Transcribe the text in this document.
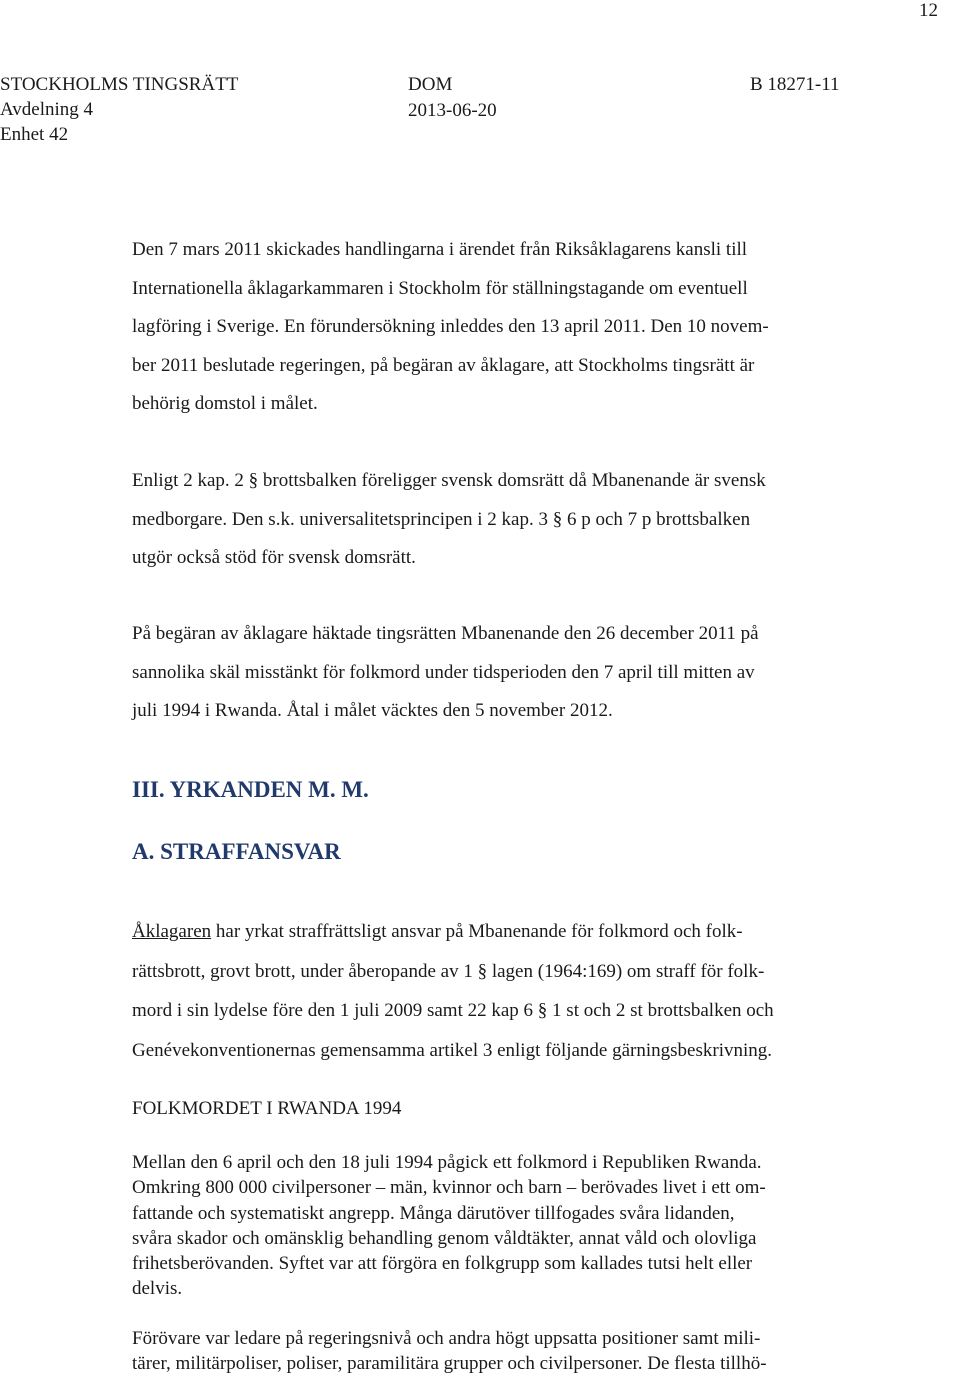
12
STOCKHOLMS TINGSRÄTT
Avdelning 4
Enhet 42
DOM
2013-06-20
B 18271-11
Den 7 mars 2011 skickades handlingarna i ärendet från Riksåklagarens kansli till
Internationella åklagarkammaren i Stockholm för ställningstagande om eventuell
lagföring i Sverige. En förundersökning inleddes den 13 april 2011. Den 10 novem-
ber 2011 beslutade regeringen, på begäran av åklagare, att Stockholms tingsrätt är
behörig domstol i målet.
Enligt 2 kap. 2 § brottsbalken föreligger svensk domsrätt då Mbanenande är svensk
medborgare. Den s.k. universalitetsprincipen i 2 kap. 3 § 6 p och 7 p brottsbalken
utgör också stöd för svensk domsrätt.
På begäran av åklagare häktade tingsrätten Mbanenande den 26 december 2011 på
sannolika skäl misstänkt för folkmord under tidsperioden den 7 april till mitten av
juli 1994 i Rwanda. Åtal i målet väcktes den 5 november 2012.
III. YRKANDEN M. M.
A. STRAFFANSVAR
Åklagaren har yrkat straffrättsligt ansvar på Mbanenande för folkmord och folk-
rättsbrott, grovt brott, under åberopande av 1 § lagen (1964:169) om straff för folk-
mord i sin lydelse före den 1 juli 2009 samt 22 kap 6 § 1 st och 2 st brottsbalken och
Genévekonventionernas gemensamma artikel 3 enligt följande gärningsbeskrivning.
FOLKMORDET I RWANDA 1994
Mellan den 6 april och den 18 juli 1994 pågick ett folkmord i Republiken Rwanda.
Omkring 800 000 civilpersoner – män, kvinnor och barn – berövades livet i ett om-
fattande och systematiskt angrepp. Många därutöver tillfogades svåra lidanden,
svåra skador och omänsklig behandling genom våldtäkter, annat våld och olovliga
frihetsberövanden. Syftet var att förgöra en folkgrupp som kallades tutsi helt eller
delvis.
Förövare var ledare på regeringsnivå och andra högt uppsatta positioner samt mili-
tärer, militärpoliser, poliser, paramilitära grupper och civilpersoner. De flesta tillhö-
